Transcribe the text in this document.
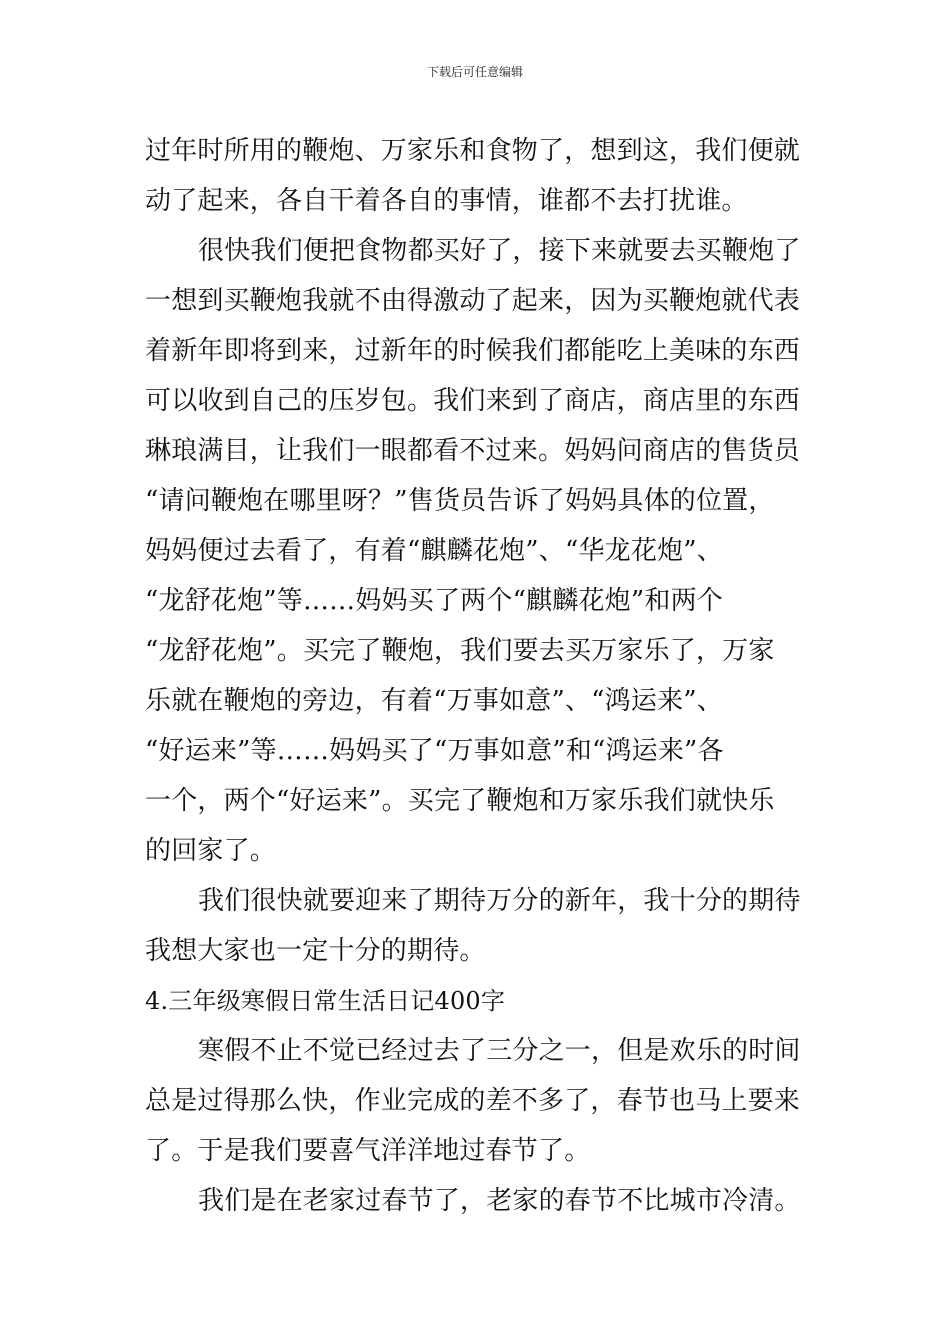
下载后可任意编辑
过年时所用的鞭炮、万家乐和食物了，想到这，我们便就
动了起来，各自干着各自的事情，谁都不去打扰谁。
很快我们便把食物都买好了，接下来就要去买鞭炮了
一想到买鞭炮我就不由得激动了起来，因为买鞭炮就代表
着新年即将到来，过新年的时候我们都能吃上美味的东西
可以收到自己的压岁包。我们来到了商店，商店里的东西
琳琅满目，让我们一眼都看不过来。妈妈问商店的售货员
“请问鞭炮在哪里呀？”售货员告诉了妈妈具体的位置，
妈妈便过去看了，有着“麒麟花炮”、“华龙花炮”、
“龙舒花炮”等……妈妈买了两个“麒麟花炮”和两个
“龙舒花炮”。买完了鞭炮，我们要去买万家乐了，万家
乐就在鞭炮的旁边，有着“万事如意”、“鸿运来”、
“好运来”等……妈妈买了“万事如意”和“鸿运来”各
一个，两个“好运来”。买完了鞭炮和万家乐我们就快乐
的回家了。
我们很快就要迎来了期待万分的新年，我十分的期待
我想大家也一定十分的期待。
4.三年级寒假日常生活日记400字
寒假不止不觉已经过去了三分之一，但是欢乐的时间
总是过得那么快，作业完成的差不多了，春节也马上要来
了。于是我们要喜气洋洋地过春节了。
我们是在老家过春节了，老家的春节不比城市冷清。
